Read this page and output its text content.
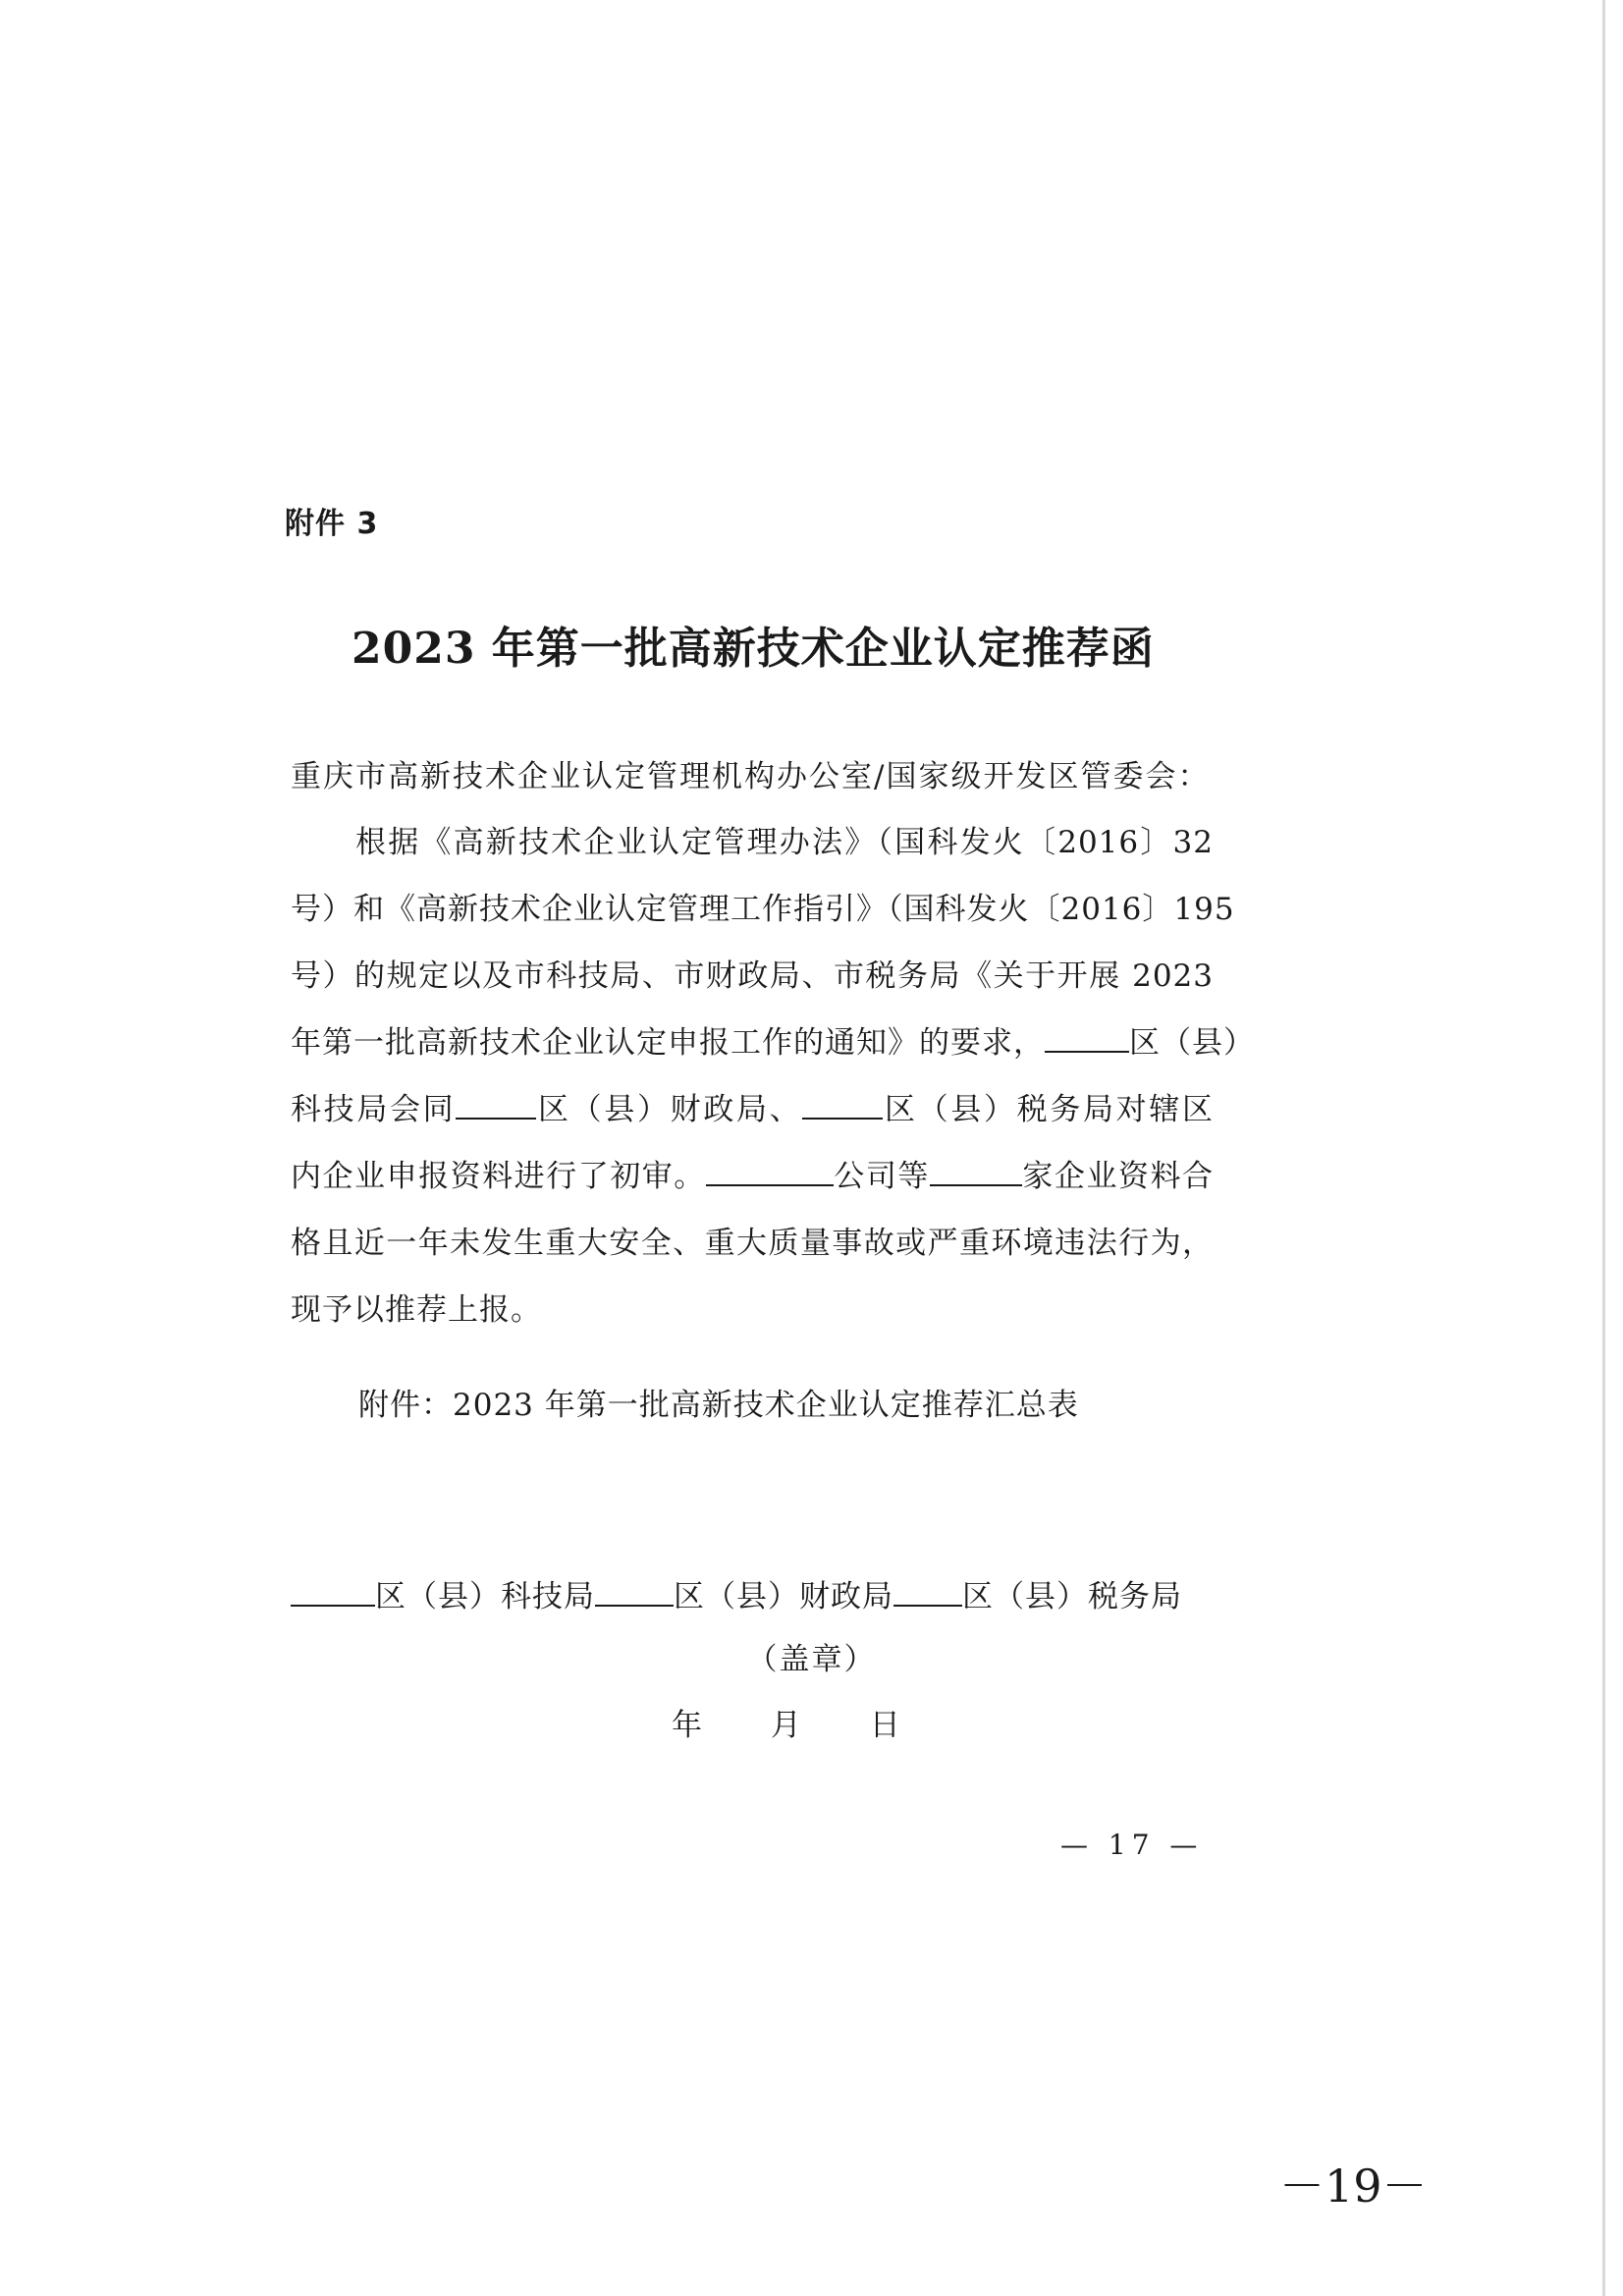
附件 3
2023 年第一批高新技术企业认定推荐函
重庆市高新技术企业认定管理机构办公室/国家级开发区管委会：
根据《高新技术企业认定管理办法》（国科发火〔2016〕32
号）和《高新技术企业认定管理工作指引》（国科发火〔2016〕195
号）的规定以及市科技局、市财政局、市税务局《关于开展 2023
年第一批高新技术企业认定申报工作的通知》的要求，	区（县）
科技局会同	区（县）财政局、	区（县）税务局对辖区
内企业申报资料进行了初审。	公司等	家企业资料合
格且近一年未发生重大安全、重大质量事故或严重环境违法行为，
现予以推荐上报。
附件：2023 年第一批高新技术企业认定推荐汇总表
区（县）科技局	区（县）财政局 区（县）税务局
（盖章）
年 月 日
— 17 —
－19－
